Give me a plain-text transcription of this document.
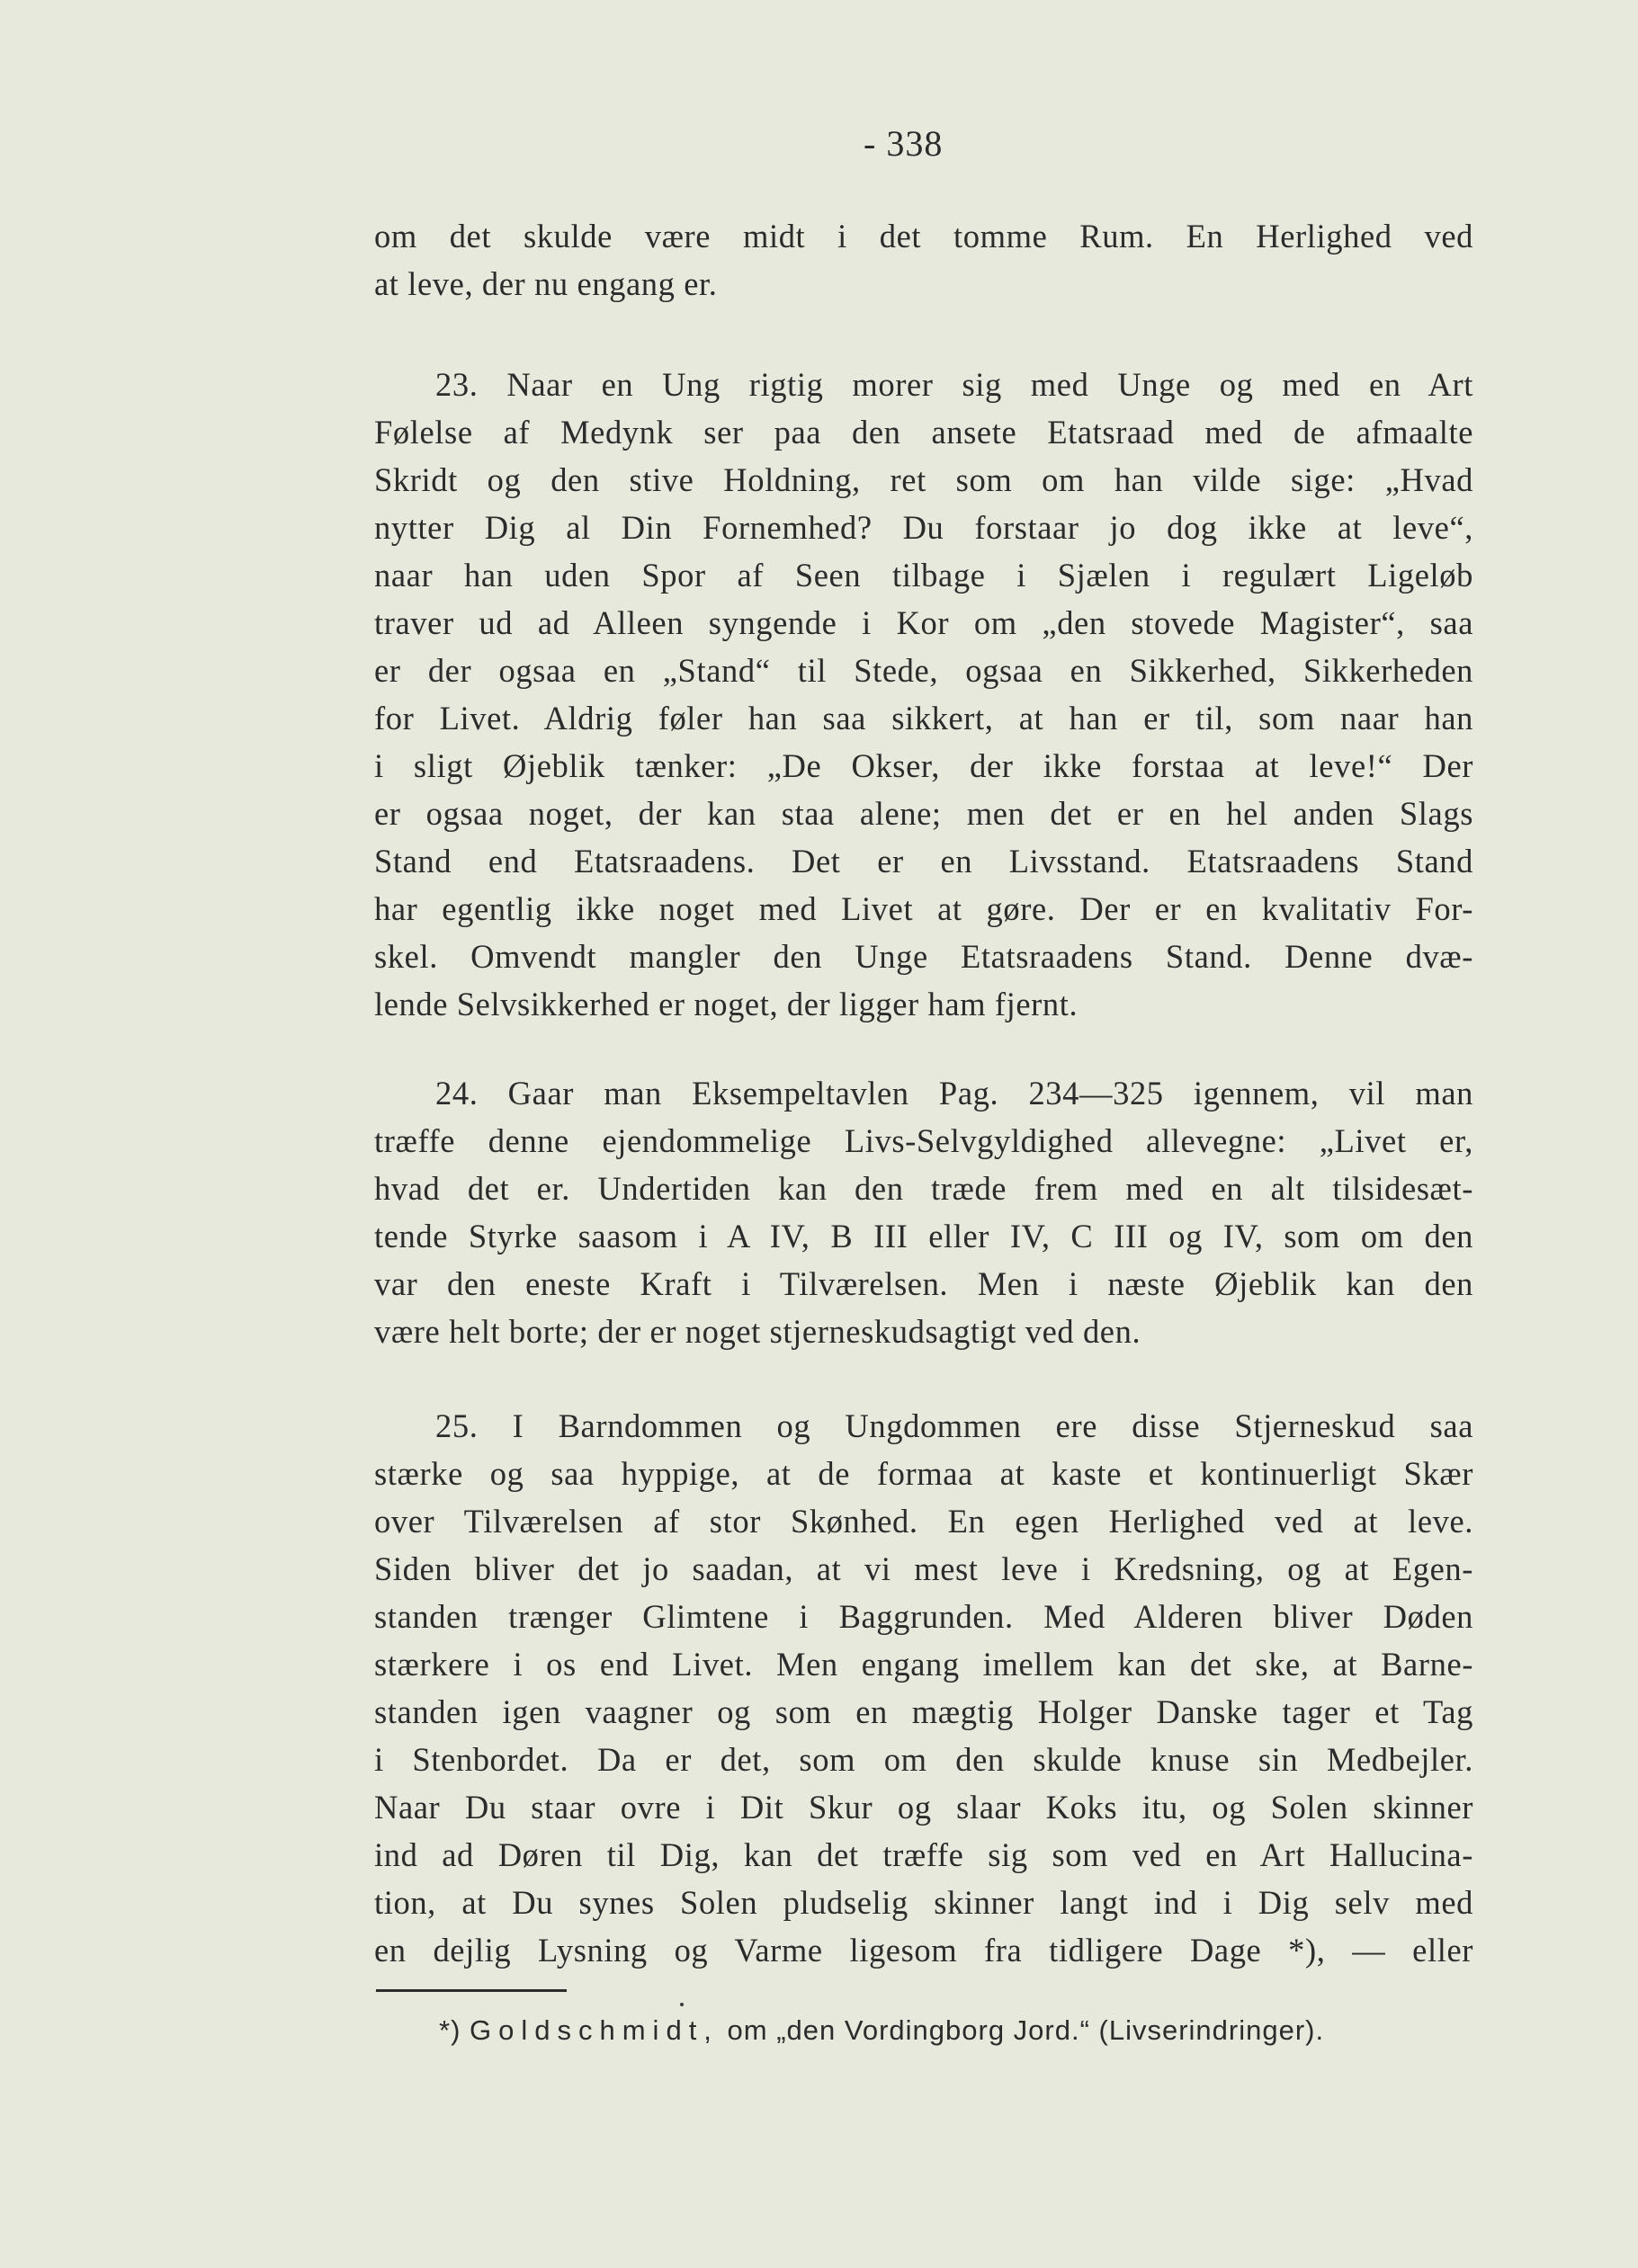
- 338
om det skulde være midt i det tomme Rum. En Herlighed ved
at leve, der nu engang er.
23. Naar en Ung rigtig morer sig med Unge og med en Art
Følelse af Medynk ser paa den ansete Etatsraad med de afmaalte
Skridt og den stive Holdning, ret som om han vilde sige: „Hvad
nytter Dig al Din Fornemhed? Du forstaar jo dog ikke at leve“,
naar han uden Spor af Seen tilbage i Sjælen i regulært Ligeløb
traver ud ad Alleen syngende i Kor om „den stovede Magister“, saa
er der ogsaa en „Stand“ til Stede, ogsaa en Sikkerhed, Sikkerheden
for Livet. Aldrig føler han saa sikkert, at han er til, som naar han
i sligt Øjeblik tænker: „De Okser, der ikke forstaa at leve!“ Der
er ogsaa noget, der kan staa alene; men det er en hel anden Slags
Stand end Etatsraadens. Det er en Livsstand. Etatsraadens Stand
har egentlig ikke noget med Livet at gøre. Der er en kvalitativ For-
skel. Omvendt mangler den Unge Etatsraadens Stand. Denne dvæ-
lende Selvsikkerhed er noget, der ligger ham fjernt.
24. Gaar man Eksempeltavlen Pag. 234—325 igennem, vil man
træffe denne ejendommelige Livs-Selvgyldighed allevegne: „Livet er,
hvad det er. Undertiden kan den træde frem med en alt tilsidesæt-
tende Styrke saasom i A IV, B III eller IV, C III og IV, som om den
var den eneste Kraft i Tilværelsen. Men i næste Øjeblik kan den
være helt borte; der er noget stjerneskudsagtigt ved den.
25. I Barndommen og Ungdommen ere disse Stjerneskud saa
stærke og saa hyppige, at de formaa at kaste et kontinuerligt Skær
over Tilværelsen af stor Skønhed. En egen Herlighed ved at leve.
Siden bliver det jo saadan, at vi mest leve i Kredsning, og at Egen-
standen trænger Glimtene i Baggrunden. Med Alderen bliver Døden
stærkere i os end Livet. Men engang imellem kan det ske, at Barne-
standen igen vaagner og som en mægtig Holger Danske tager et Tag
i Stenbordet. Da er det, som om den skulde knuse sin Medbejler.
Naar Du staar ovre i Dit Skur og slaar Koks itu, og Solen skinner
ind ad Døren til Dig, kan det træffe sig som ved en Art Hallucina-
tion, at Du synes Solen pludselig skinner langt ind i Dig selv med
en dejlig Lysning og Varme ligesom fra tidligere Dage *), — eller
*) Goldschmidt, om „den Vordingborg Jord.“ (Livserindringer).
